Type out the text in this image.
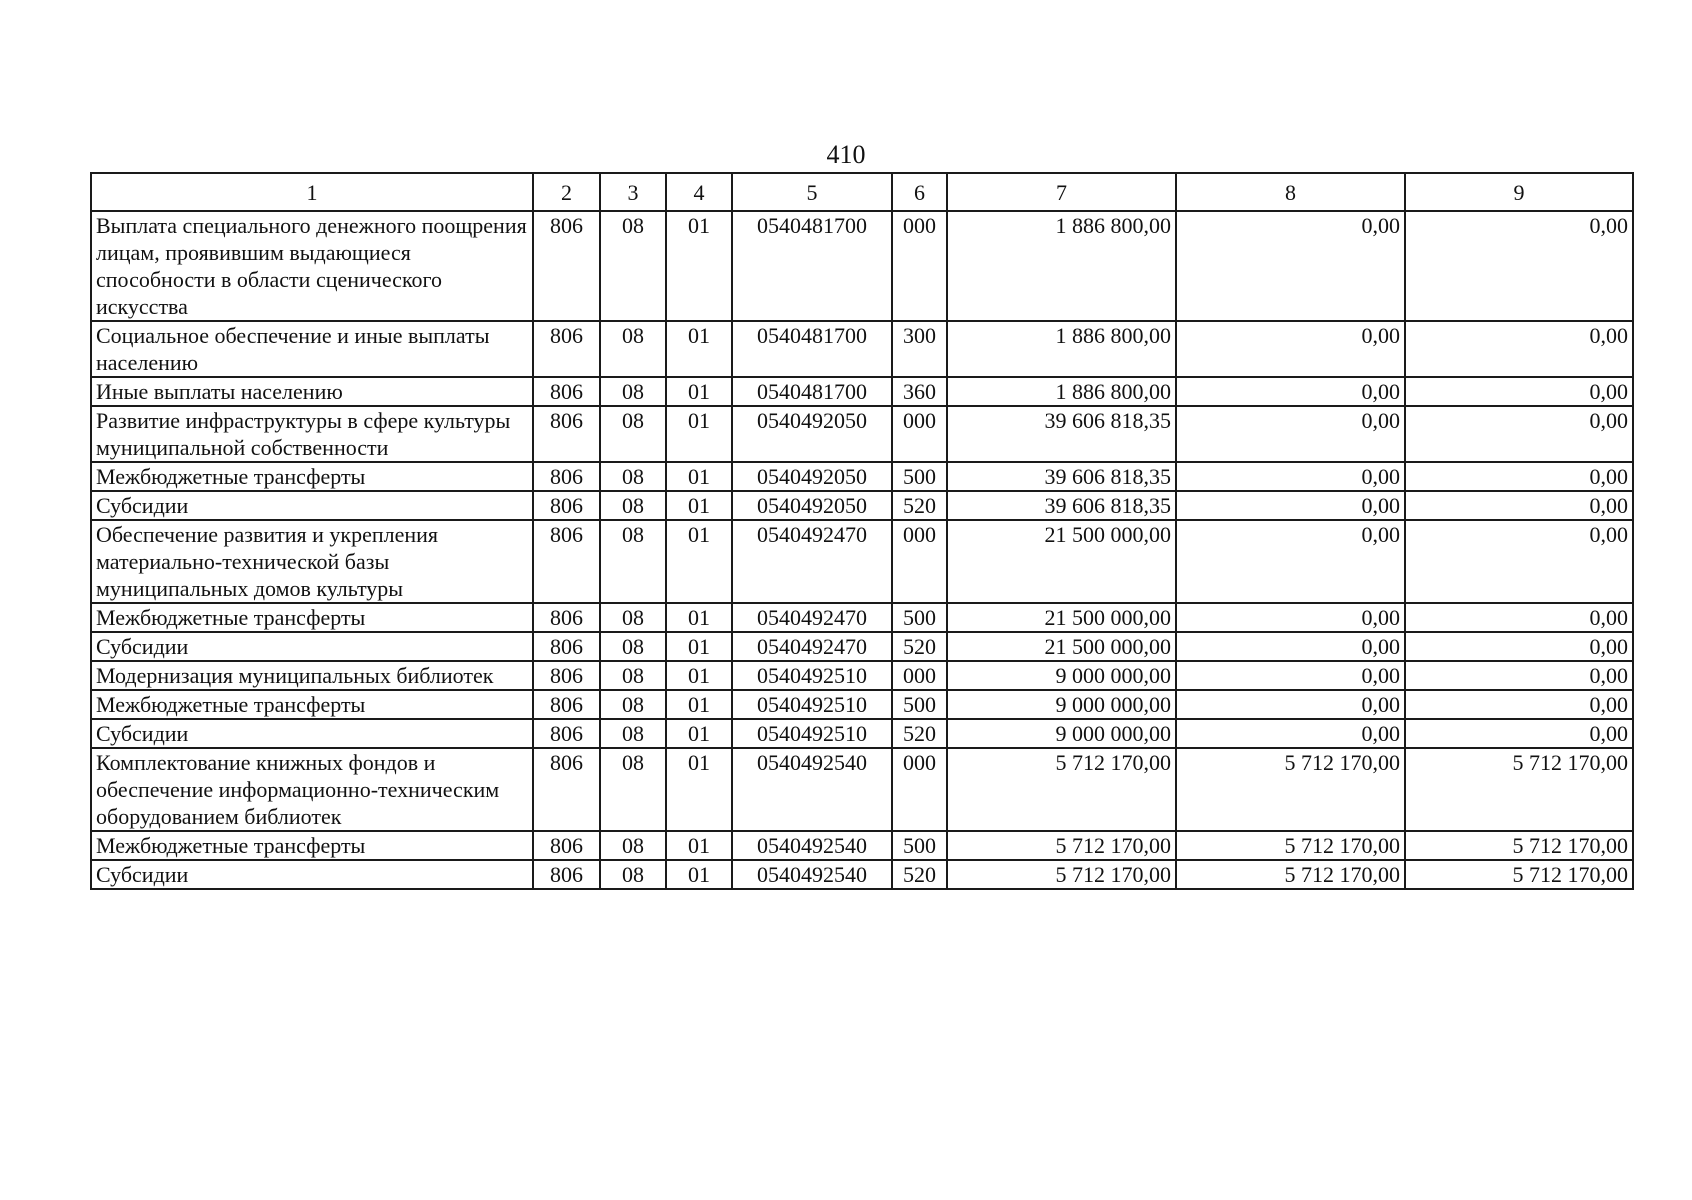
410
1	2	3	4	5	6	7	8	9
Выплата специального денежного поощрения лицам, проявившим выдающиеся способности в области сценического искусства	806	08	01	0540481700	000	1 886 800,00	0,00	0,00
Социальное обеспечение и иные выплаты населению	806	08	01	0540481700	300	1 886 800,00	0,00	0,00
Иные выплаты населению	806	08	01	0540481700	360	1 886 800,00	0,00	0,00
Развитие инфраструктуры в сфере культуры муниципальной собственности	806	08	01	0540492050	000	39 606 818,35	0,00	0,00
Межбюджетные трансферты	806	08	01	0540492050	500	39 606 818,35	0,00	0,00
Субсидии	806	08	01	0540492050	520	39 606 818,35	0,00	0,00
Обеспечение развития и укрепления материально-технической базы муниципальных домов культуры	806	08	01	0540492470	000	21 500 000,00	0,00	0,00
Межбюджетные трансферты	806	08	01	0540492470	500	21 500 000,00	0,00	0,00
Субсидии	806	08	01	0540492470	520	21 500 000,00	0,00	0,00
Модернизация муниципальных библиотек	806	08	01	0540492510	000	9 000 000,00	0,00	0,00
Межбюджетные трансферты	806	08	01	0540492510	500	9 000 000,00	0,00	0,00
Субсидии	806	08	01	0540492510	520	9 000 000,00	0,00	0,00
Комплектование книжных фондов и обеспечение информационно-техническим оборудованием библиотек	806	08	01	0540492540	000	5 712 170,00	5 712 170,00	5 712 170,00
Межбюджетные трансферты	806	08	01	0540492540	500	5 712 170,00	5 712 170,00	5 712 170,00
Субсидии	806	08	01	0540492540	520	5 712 170,00	5 712 170,00	5 712 170,00
